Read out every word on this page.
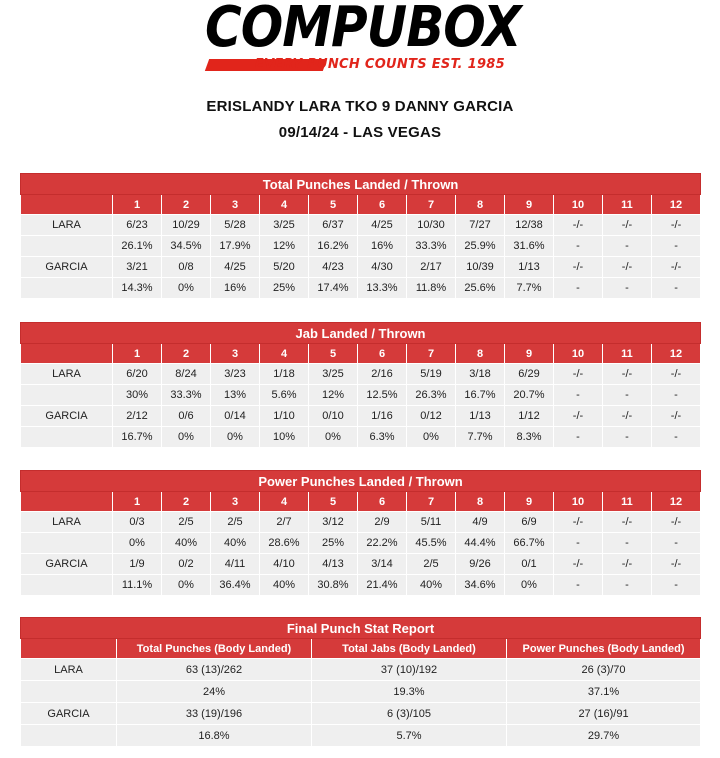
COMPUBOX
EVERY PUNCH COUNTS EST. 1985
ERISLANDY LARA TKO 9 DANNY GARCIA
09/14/24 - LAS VEGAS
Total Punches Landed / Thrown												
	1	2	3	4	5	6	7	8	9	10	11	12
LARA	6/23	10/29	5/28	3/25	6/37	4/25	10/30	7/27	12/38	-/-	-/-	-/-
	26.1%	34.5%	17.9%	12%	16.2%	16%	33.3%	25.9%	31.6%	-	-	-
GARCIA	3/21	0/8	4/25	5/20	4/23	4/30	2/17	10/39	1/13	-/-	-/-	-/-
	14.3%	0%	16%	25%	17.4%	13.3%	11.8%	25.6%	7.7%	-	-	-
Jab Landed / Thrown												
	1	2	3	4	5	6	7	8	9	10	11	12
LARA	6/20	8/24	3/23	1/18	3/25	2/16	5/19	3/18	6/29	-/-	-/-	-/-
	30%	33.3%	13%	5.6%	12%	12.5%	26.3%	16.7%	20.7%	-	-	-
GARCIA	2/12	0/6	0/14	1/10	0/10	1/16	0/12	1/13	1/12	-/-	-/-	-/-
	16.7%	0%	0%	10%	0%	6.3%	0%	7.7%	8.3%	-	-	-
Power Punches Landed / Thrown												
	1	2	3	4	5	6	7	8	9	10	11	12
LARA	0/3	2/5	2/5	2/7	3/12	2/9	5/11	4/9	6/9	-/-	-/-	-/-
	0%	40%	40%	28.6%	25%	22.2%	45.5%	44.4%	66.7%	-	-	-
GARCIA	1/9	0/2	4/11	4/10	4/13	3/14	2/5	9/26	0/1	-/-	-/-	-/-
	11.1%	0%	36.4%	40%	30.8%	21.4%	40%	34.6%	0%	-	-	-
Final Punch Stat Report			
	Total Punches (Body Landed)	Total Jabs (Body Landed)	Power Punches (Body Landed)
LARA	63 (13)/262	37 (10)/192	26 (3)/70
	24%	19.3%	37.1%
GARCIA	33 (19)/196	6 (3)/105	27 (16)/91
	16.8%	5.7%	29.7%
